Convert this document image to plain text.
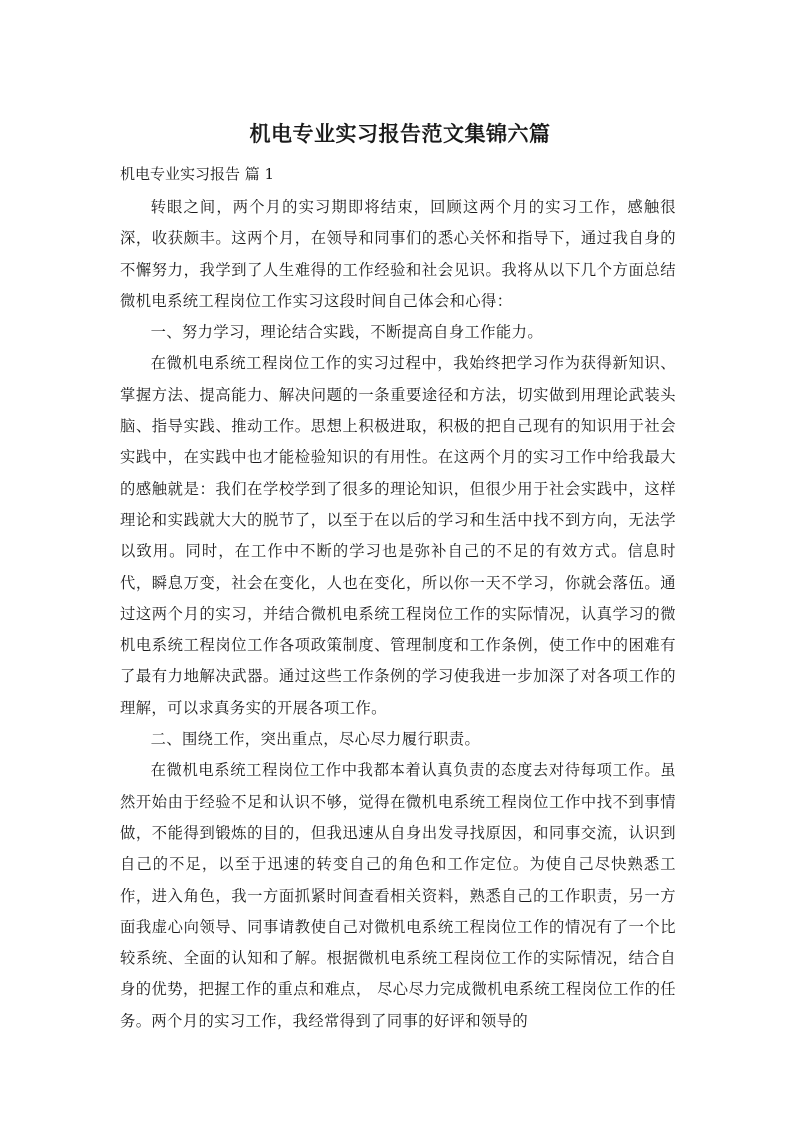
机电专业实习报告范文集锦六篇
机电专业实习报告 篇 1

转眼之间，两个月的实习期即将结束，回顾这两个月的实习工作，感触很深，收获颇丰。这两个月，在领导和同事们的悉心关怀和指导下，通过我自身的不懈努力，我学到了人生难得的工作经验和社会见识。我将从以下几个方面总结微机电系统工程岗位工作实习这段时间自己体会和心得：

一、努力学习，理论结合实践，不断提高自身工作能力。

在微机电系统工程岗位工作的实习过程中，我始终把学习作为获得新知识、掌握方法、提高能力、解决问题的一条重要途径和方法，切实做到用理论武装头脑、指导实践、推动工作。思想上积极进取，积极的把自己现有的知识用于社会实践中，在实践中也才能检验知识的有用性。在这两个月的实习工作中给我最大的感触就是：我们在学校学到了很多的理论知识，但很少用于社会实践中，这样理论和实践就大大的脱节了，以至于在以后的学习和生活中找不到方向，无法学以致用。同时，在工作中不断的学习也是弥补自己的不足的有效方式。信息时代，瞬息万变，社会在变化，人也在变化，所以你一天不学习，你就会落伍。通过这两个月的实习，并结合微机电系统工程岗位工作的实际情况，认真学习的微机电系统工程岗位工作各项政策制度、管理制度和工作条例，使工作中的困难有了最有力地解决武器。通过这些工作条例的学习使我进一步加深了对各项工作的理解，可以求真务实的开展各项工作。

二、围绕工作，突出重点，尽心尽力履行职责。

在微机电系统工程岗位工作中我都本着认真负责的态度去对待每项工作。虽然开始由于经验不足和认识不够，觉得在微机电系统工程岗位工作中找不到事情做，不能得到锻炼的目的，但我迅速从自身出发寻找原因，和同事交流，认识到自己的不足，以至于迅速的转变自己的角色和工作定位。为使自己尽快熟悉工作，进入角色，我一方面抓紧时间查看相关资料，熟悉自己的工作职责，另一方面我虚心向领导、同事请教使自己对微机电系统工程岗位工作的情况有了一个比较系统、全面的认知和了解。根据微机电系统工程岗位工作的实际情况，结合自身的优势，把握工作的重点和难点， 尽心尽力完成微机电系统工程岗位工作的任务。两个月的实习工作，我经常得到了同事的好评和领导的
